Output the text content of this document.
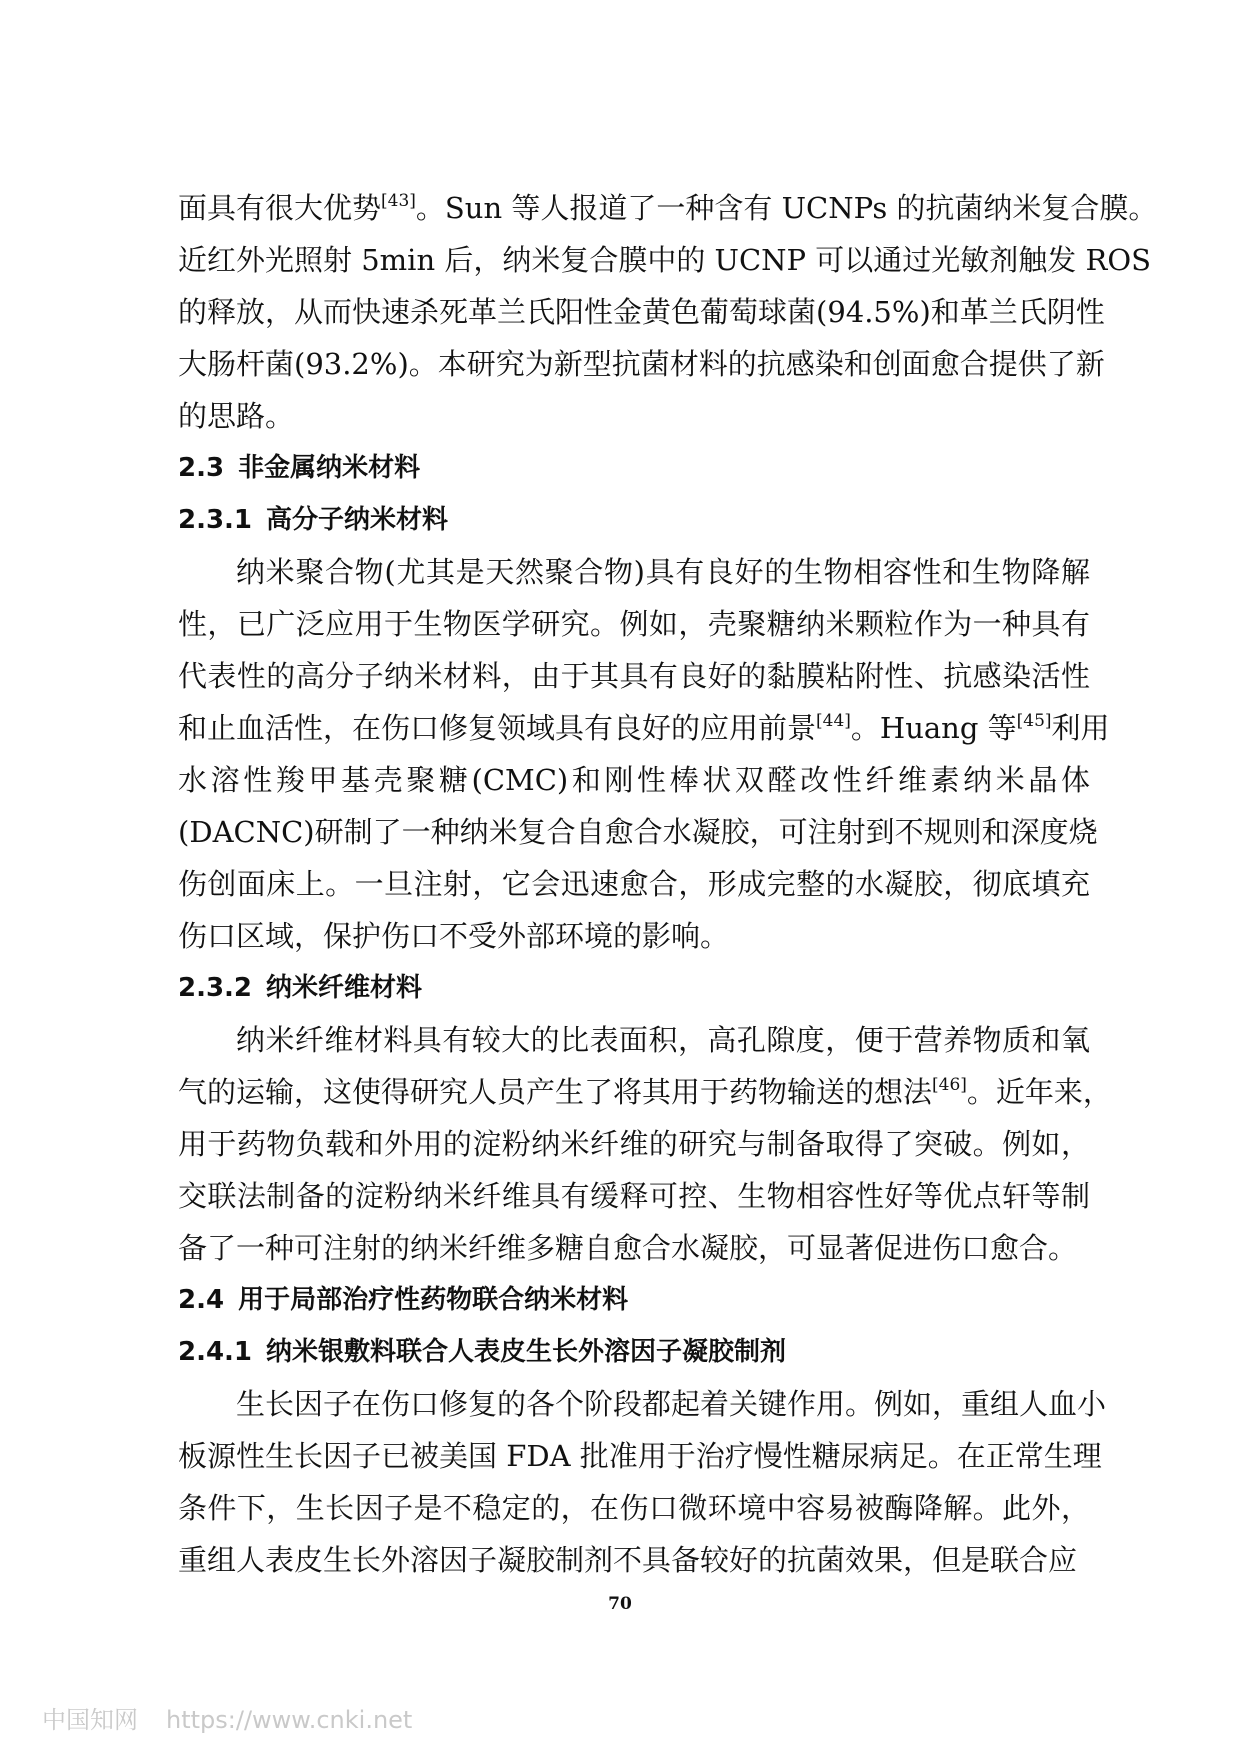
面具有很大优势[43]。Sun 等人报道了一种含有 UCNPs 的抗菌纳米复合膜。
近红外光照射 5min 后，纳米复合膜中的 UCNP 可以通过光敏剂触发 ROS
的释放，从而快速杀死革兰氏阳性金黄色葡萄球菌(94.5%)和革兰氏阴性
大肠杆菌(93.2%)。本研究为新型抗菌材料的抗感染和创面愈合提供了新
的思路。
2.3 非金属纳米材料
2.3.1 高分子纳米材料
纳米聚合物(尤其是天然聚合物)具有良好的生物相容性和生物降解
性，已广泛应用于生物医学研究。例如，壳聚糖纳米颗粒作为一种具有
代表性的高分子纳米材料，由于其具有良好的黏膜粘附性、抗感染活性
和止血活性，在伤口修复领域具有良好的应用前景[44]。Huang 等[45]利用
水溶性羧甲基壳聚糖(CMC)和刚性棒状双醛改性纤维素纳米晶体
(DACNC)研制了一种纳米复合自愈合水凝胶，可注射到不规则和深度烧
伤创面床上。一旦注射，它会迅速愈合，形成完整的水凝胶，彻底填充
伤口区域，保护伤口不受外部环境的影响。
2.3.2 纳米纤维材料
纳米纤维材料具有较大的比表面积，高孔隙度，便于营养物质和氧
气的运输，这使得研究人员产生了将其用于药物输送的想法[46]。近年来，
用于药物负载和外用的淀粉纳米纤维的研究与制备取得了突破。例如，
交联法制备的淀粉纳米纤维具有缓释可控、生物相容性好等优点轩等制
备了一种可注射的纳米纤维多糖自愈合水凝胶，可显著促进伤口愈合。
2.4 用于局部治疗性药物联合纳米材料
2.4.1 纳米银敷料联合人表皮生长外溶因子凝胶制剂
生长因子在伤口修复的各个阶段都起着关键作用。例如，重组人血小
板源性生长因子已被美国 FDA 批准用于治疗慢性糖尿病足。在正常生理
条件下，生长因子是不稳定的，在伤口微环境中容易被酶降解。此外，
重组人表皮生长外溶因子凝胶制剂不具备较好的抗菌效果，但是联合应
70
中国知网 https://www.cnki.net
